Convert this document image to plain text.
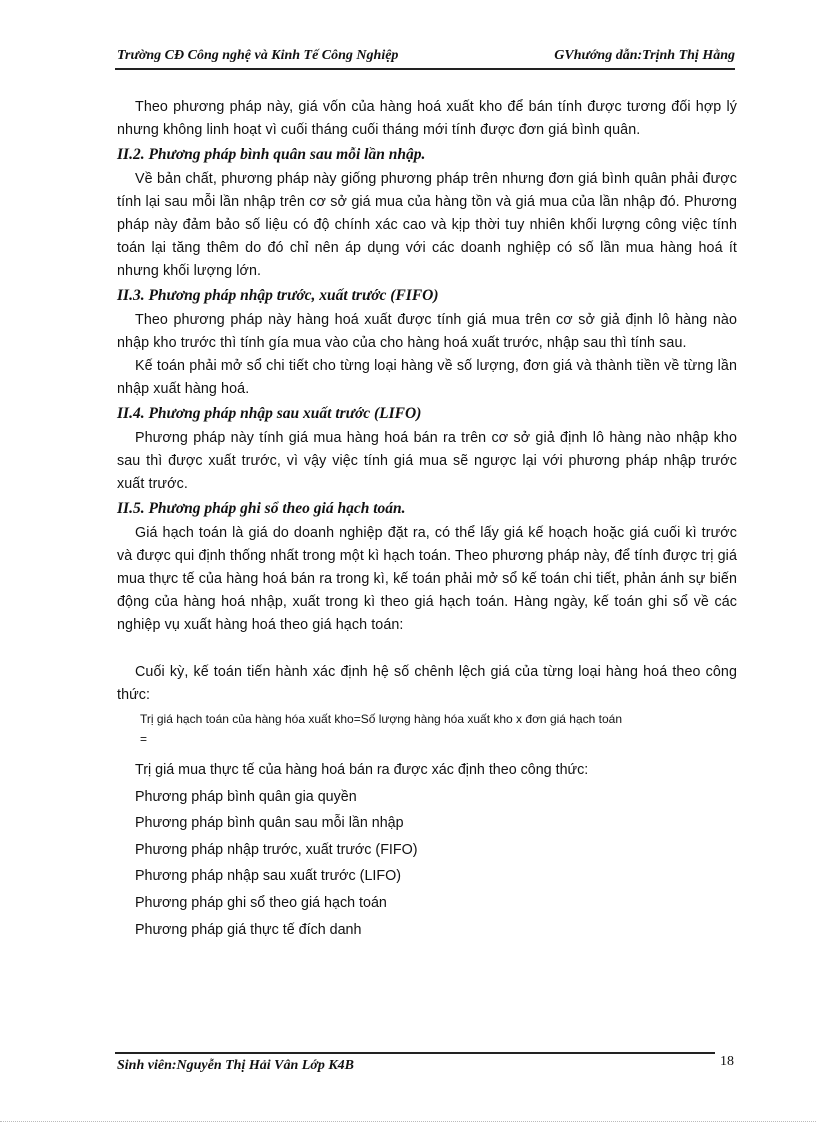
Trường CĐ Công nghệ và Kinh Tế Công Nghiệp	GVhướng dẫn:Trịnh Thị Hằng

Theo phương pháp này, giá vốn của hàng hoá xuất kho để bán tính được tương đối hợp lý nhưng không linh hoạt vì cuối tháng cuối tháng mới tính được đơn giá bình quân.

II.2. Phương pháp bình quân sau mỗi lần nhập.

Về bản chất, phương pháp này giống phương pháp trên nhưng đơn giá bình quân phải được tính lại sau mỗi lần nhập trên cơ sở giá mua của hàng tồn và giá mua của lần nhập đó. Phương pháp này đảm bảo số liệu có độ chính xác cao và kịp thời tuy nhiên khối lượng công việc tính toán lại tăng thêm do đó chỉ nên áp dụng với các doanh nghiệp có số lần mua hàng hoá ít nhưng khối lượng lớn.

II.3. Phương pháp nhập trước, xuất trước (FIFO)

Theo phương pháp này hàng hoá xuất được tính giá mua trên cơ sở giả định lô hàng nào nhập kho trước thì tính gía mua vào của cho hàng hoá xuất trước, nhập sau thì tính sau.

Kế toán phải mở sổ chi tiết cho từng loại hàng về số lượng, đơn giá và thành tiền về từng lần nhập xuất hàng hoá.

II.4. Phương pháp nhập sau xuất trước (LIFO)

Phương pháp này tính giá mua hàng hoá bán ra trên cơ sở giả định lô hàng nào nhập kho sau thì được xuất trước, vì vậy việc tính giá mua sẽ ngược lại với phương pháp nhập trước xuất trước.

II.5. Phương pháp ghi sổ theo giá hạch toán.

Giá hạch toán là giá do doanh nghiệp đặt ra, có thể lấy giá kế hoạch hoặc giá cuối kì trước và được qui định thống nhất trong một kì hạch toán. Theo phương pháp này, để tính được trị giá mua thực tế của hàng hoá bán ra trong kì, kế toán phải mở sổ kế toán chi tiết, phản ánh sự biến động của hàng hoá nhập, xuất trong kì theo giá hạch toán. Hàng ngày, kế toán ghi sổ về các nghiệp vụ xuất hàng hoá theo giá hạch toán:

Cuối kỳ, kế toán tiến hành xác định hệ số chênh lệch giá của từng loại hàng hoá theo công thức:

Trị giá hạch toán của hàng hóa xuất kho=Số lượng hàng hóa xuất kho x đơn giá hạch toán
=
Trị giá mua thực tế của hàng hoá bán ra được xác định theo công thức:
Phương pháp bình quân gia quyền
Phương pháp bình quân sau mỗi lần nhập
Phương pháp nhập trước, xuất trước (FIFO)
Phương pháp nhập sau xuất trước (LIFO)
Phương pháp ghi sổ theo giá hạch toán
Phương pháp giá thực tế đích danh
Sinh viên:Nguyễn Thị Hải Vân Lớp K4B	18
